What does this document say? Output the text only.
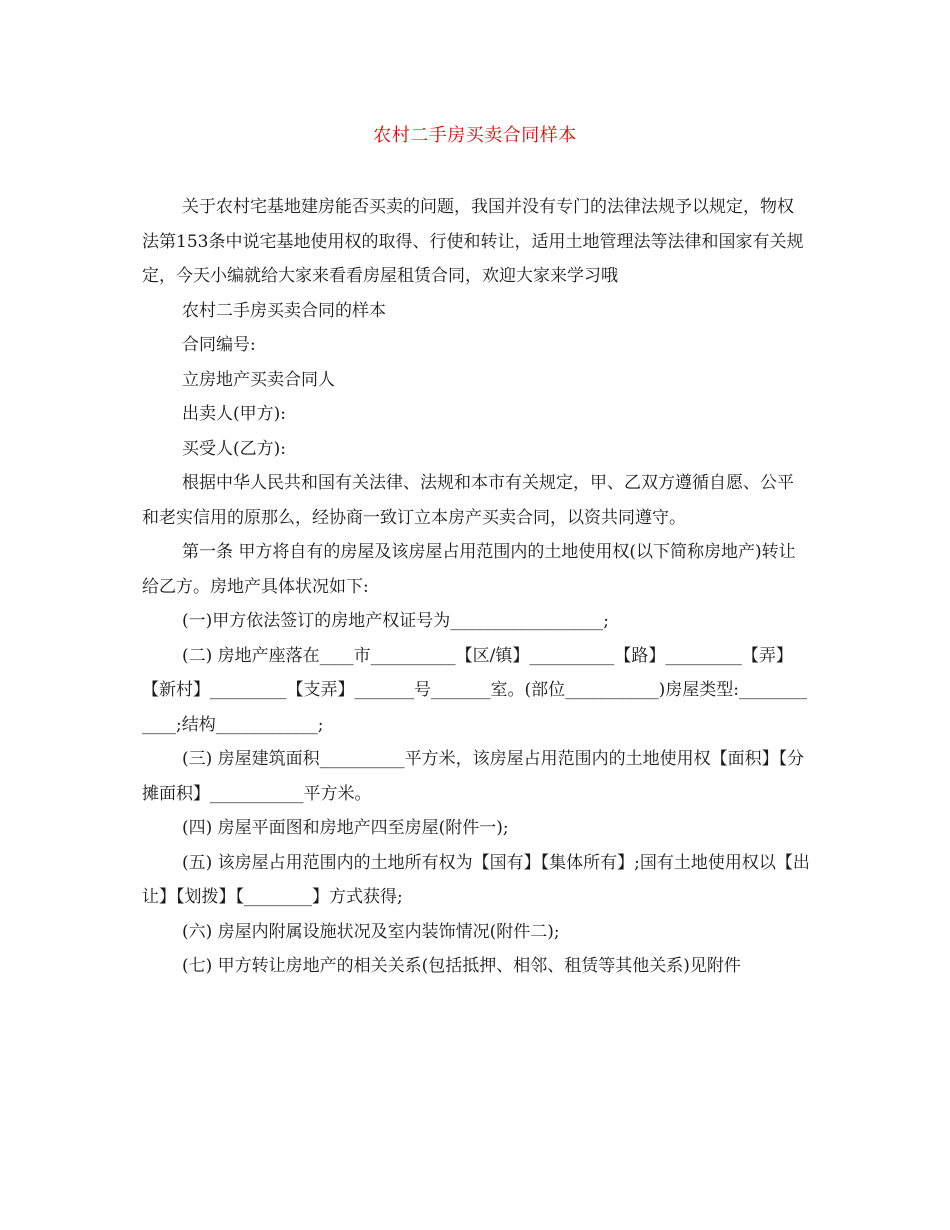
农村二手房买卖合同样本

关于农村宅基地建房能否买卖的问题，我国并没有专门的法律法规予以规定，物权法第153条中说宅基地使用权的取得、行使和转让，适用土地管理法等法律和国家有关规定，今天小编就给大家来看看房屋租赁合同，欢迎大家来学习哦

农村二手房买卖合同的样本

合同编号:

立房地产买卖合同人

出卖人(甲方):

买受人(乙方):

根据中华人民共和国有关法律、法规和本市有关规定，甲、乙双方遵循自愿、公平和老实信用的原那么，经协商一致订立本房产买卖合同，以资共同遵守。

第一条 甲方将自有的房屋及该房屋占用范围内的土地使用权(以下简称房地产)转让给乙方。房地产具体状况如下:

(一)甲方依法签订的房地产权证号为__________________;

(二) 房地产座落在____市__________【区/镇】__________【路】_________【弄】【新村】_________【支弄】_______号_______室。(部位___________)房屋类型:____________;结构____________;

(三) 房屋建筑面积__________平方米，该房屋占用范围内的土地使用权【面积】【分摊面积】___________平方米。

(四) 房屋平面图和房地产四至房屋(附件一);

(五) 该房屋占用范围内的土地所有权为【国有】【集体所有】;国有土地使用权以【出让】【划拨】【________】方式获得;

(六) 房屋内附属设施状况及室内装饰情况(附件二);

(七) 甲方转让房地产的相关关系(包括抵押、相邻、租赁等其他关系)见附件
